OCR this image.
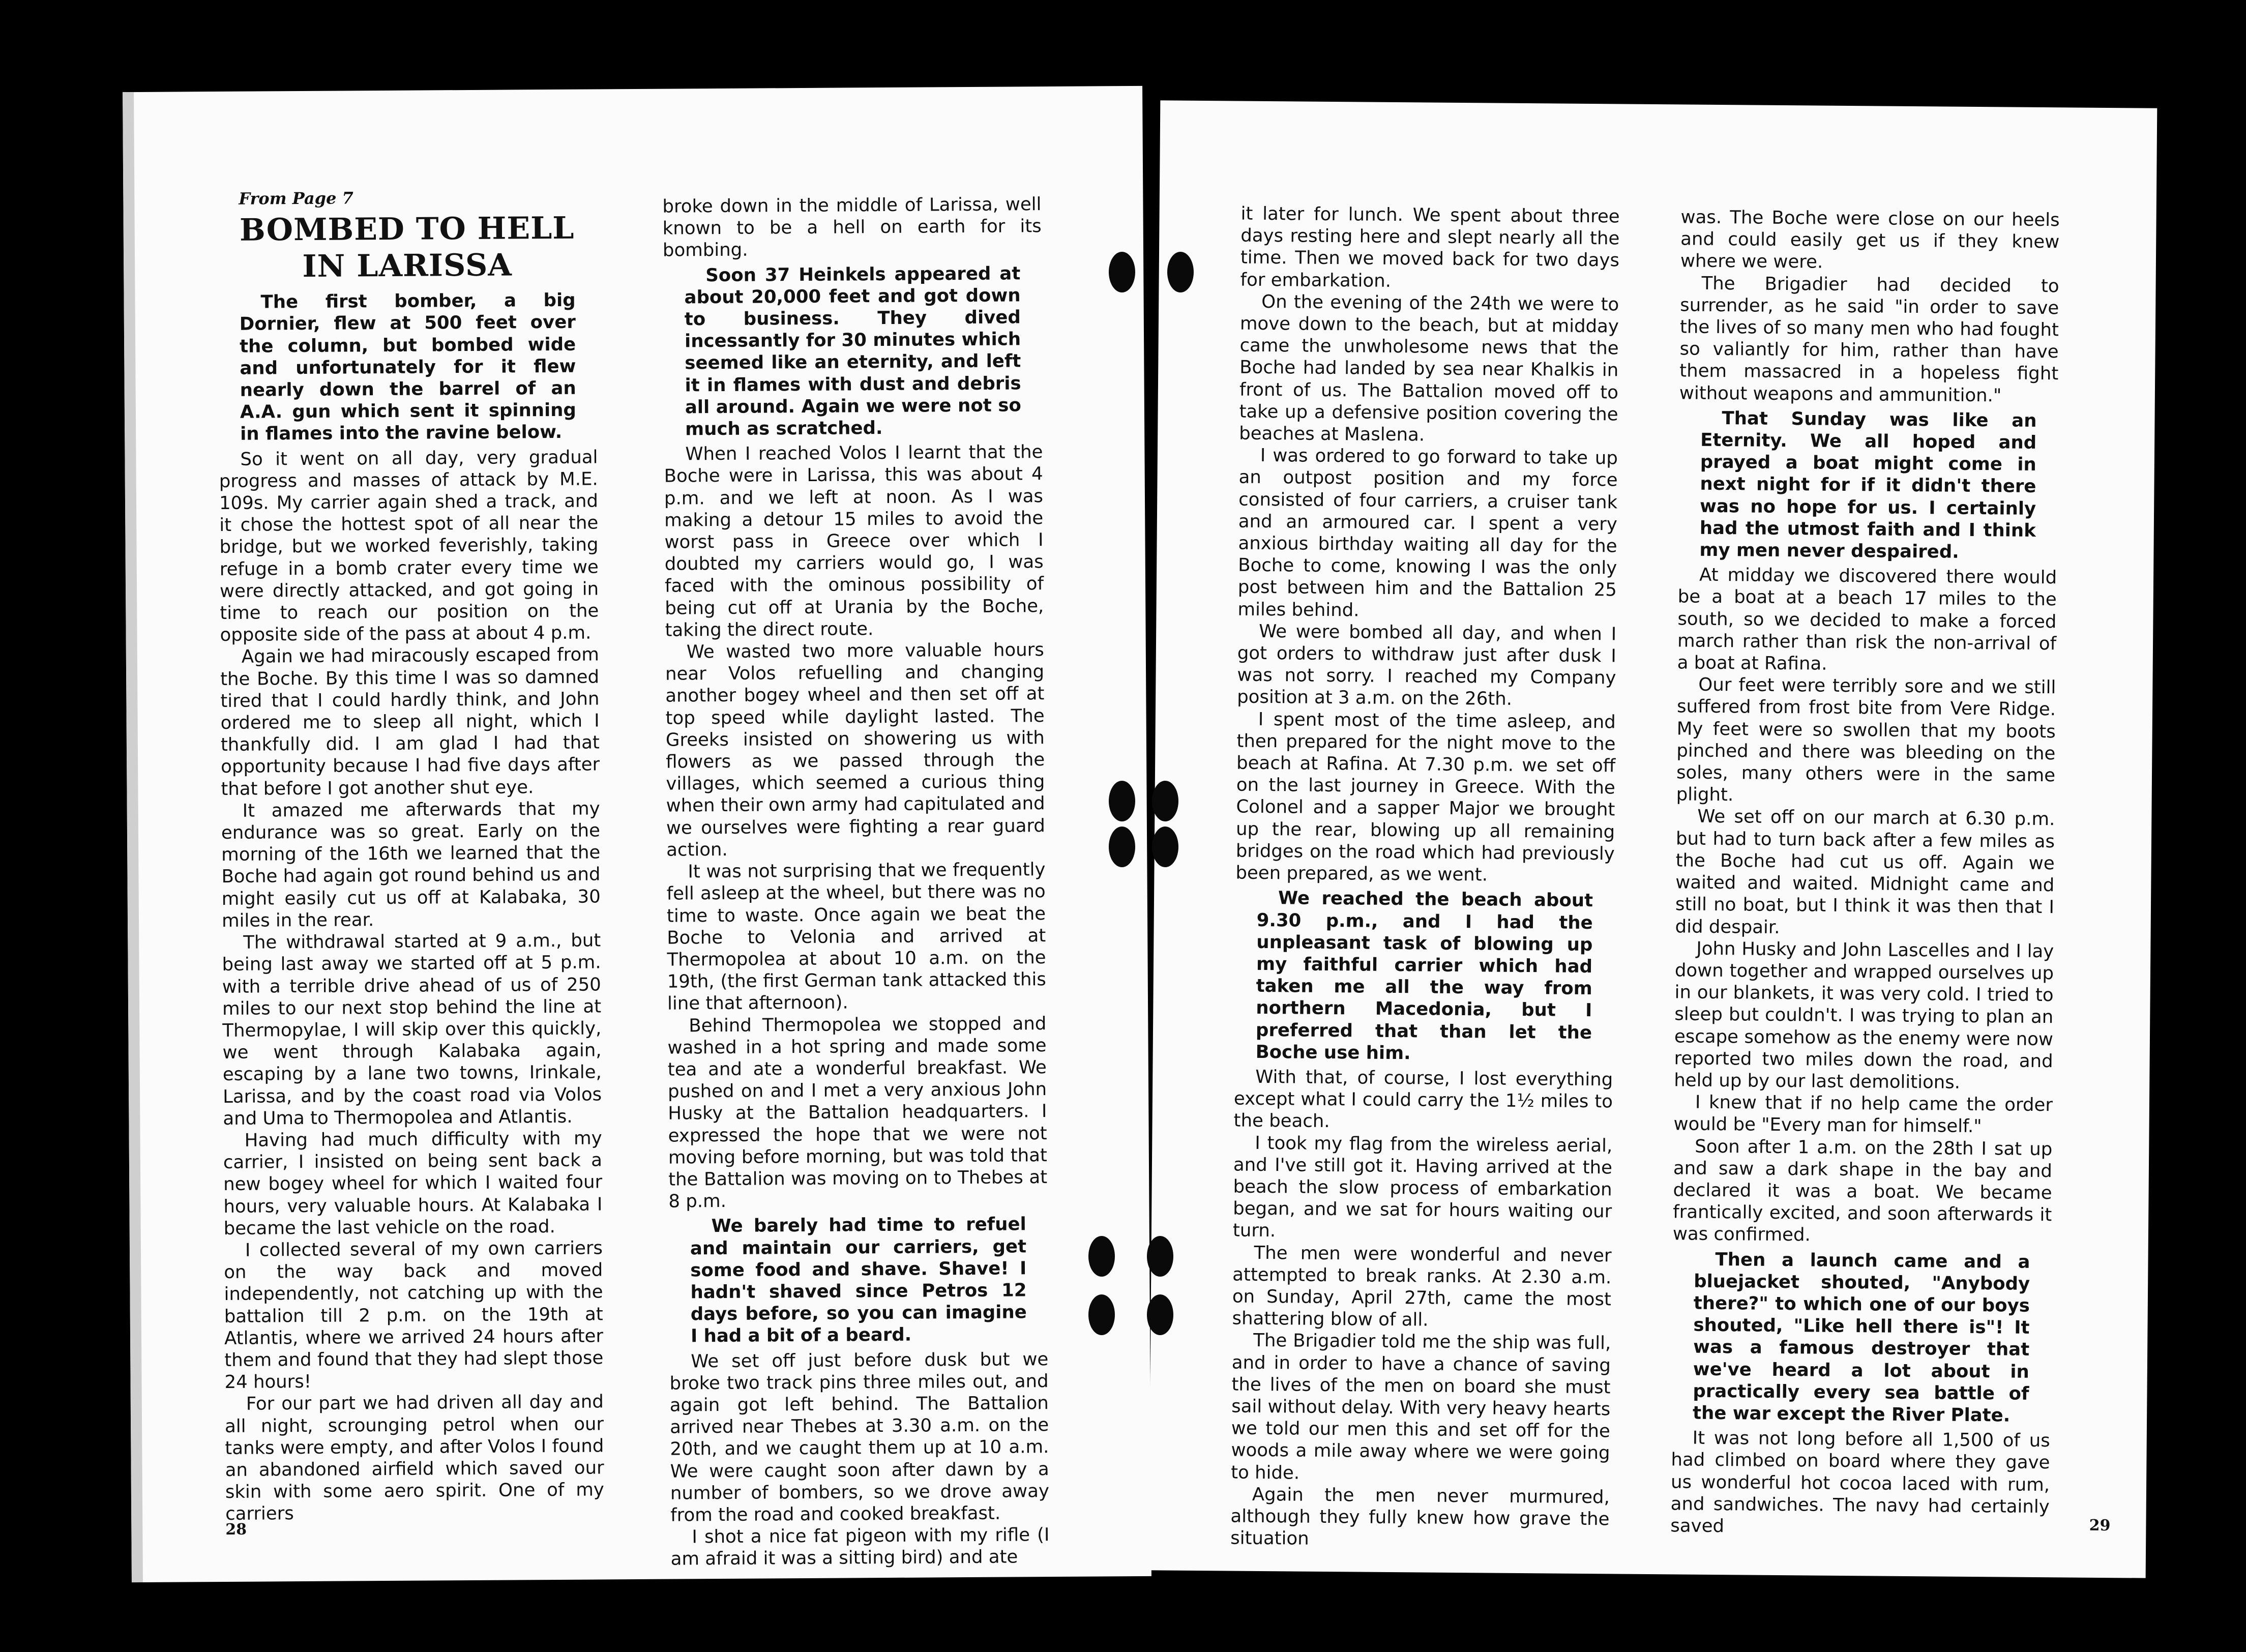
From Page 7

BOMBED TO HELL IN LARISSA

The first bomber, a big Dornier, flew at 500 feet over the column, but bombed wide and unfortunately for it flew nearly down the barrel of an A.A. gun which sent it spinning in flames into the ravine below.

So it went on all day, very gradual progress and masses of attack by M.E. 109s. My carrier again shed a track, and it chose the hottest spot of all near the bridge, but we worked feverishly, taking refuge in a bomb crater every time we were directly attacked, and got going in time to reach our position on the opposite side of the pass at about 4 p.m.

Again we had miracously escaped from the Boche. By this time I was so damned tired that I could hardly think, and John ordered me to sleep all night, which I thankfully did. I am glad I had that opportunity because I had five days after that before I got another shut eye.

It amazed me afterwards that my endurance was so great. Early on the morning of the 16th we learned that the Boche had again got round behind us and might easily cut us off at Kalabaka, 30 miles in the rear.

The withdrawal started at 9 a.m., but being last away we started off at 5 p.m. with a terrible drive ahead of us of 250 miles to our next stop behind the line at Thermopylae, I will skip over this quickly, we went through Kalabaka again, escaping by a lane two towns, Irinkale, Larissa, and by the coast road via Volos and Uma to Thermopolea and Atlantis.

Having had much difficulty with my carrier, I insisted on being sent back a new bogey wheel for which I waited four hours, very valuable hours. At Kalabaka I became the last vehicle on the road.

I collected several of my own carriers on the way back and moved independently, not catching up with the battalion till 2 p.m. on the 19th at Atlantis, where we arrived 24 hours after them and found that they had slept those 24 hours!

For our part we had driven all day and all night, scrounging petrol when our tanks were empty, and after Volos I found an abandoned airfield which saved our skin with some aero spirit. One of my carriers

broke down in the middle of Larissa, well known to be a hell on earth for its bombing.

Soon 37 Heinkels appeared at about 20,000 feet and got down to business. They dived incessantly for 30 minutes which seemed like an eternity, and left it in flames with dust and debris all around. Again we were not so much as scratched.

When I reached Volos I learnt that the Boche were in Larissa, this was about 4 p.m. and we left at noon. As I was making a detour 15 miles to avoid the worst pass in Greece over which I doubted my carriers would go, I was faced with the ominous possibility of being cut off at Urania by the Boche, taking the direct route.

We wasted two more valuable hours near Volos refuelling and changing another bogey wheel and then set off at top speed while daylight lasted. The Greeks insisted on showering us with flowers as we passed through the villages, which seemed a curious thing when their own army had capitulated and we ourselves were fighting a rear guard action.

It was not surprising that we frequently fell asleep at the wheel, but there was no time to waste. Once again we beat the Boche to Velonia and arrived at Thermopolea at about 10 a.m. on the 19th, (the first German tank attacked this line that afternoon).

Behind Thermopolea we stopped and washed in a hot spring and made some tea and ate a wonderful breakfast. We pushed on and I met a very anxious John Husky at the Battalion headquarters. I expressed the hope that we were not moving before morning, but was told that the Battalion was moving on to Thebes at 8 p.m.

We barely had time to refuel and maintain our carriers, get some food and shave. Shave! I hadn't shaved since Petros 12 days before, so you can imagine I had a bit of a beard.

We set off just before dusk but we broke two track pins three miles out, and again got left behind. The Battalion arrived near Thebes at 3.30 a.m. on the 20th, and we caught them up at 10 a.m. We were caught soon after dawn by a number of bombers, so we drove away from the road and cooked breakfast.

I shot a nice fat pigeon with my rifle (I am afraid it was a sitting bird) and ate

28

it later for lunch. We spent about three days resting here and slept nearly all the time. Then we moved back for two days for embarkation.

On the evening of the 24th we were to move down to the beach, but at midday came the unwholesome news that the Boche had landed by sea near Khalkis in front of us. The Battalion moved off to take up a defensive position covering the beaches at Maslena.

I was ordered to go forward to take up an outpost position and my force consisted of four carriers, a cruiser tank and an armoured car. I spent a very anxious birthday waiting all day for the Boche to come, knowing I was the only post between him and the Battalion 25 miles behind.

We were bombed all day, and when I got orders to withdraw just after dusk I was not sorry. I reached my Company position at 3 a.m. on the 26th.

I spent most of the time asleep, and then prepared for the night move to the beach at Rafina. At 7.30 p.m. we set off on the last journey in Greece. With the Colonel and a sapper Major we brought up the rear, blowing up all remaining bridges on the road which had previously been prepared, as we went.

We reached the beach about 9.30 p.m., and I had the unpleasant task of blowing up my faithful carrier which had taken me all the way from northern Macedonia, but I preferred that than let the Boche use him.

With that, of course, I lost everything except what I could carry the 1½ miles to the beach.

I took my flag from the wireless aerial, and I've still got it. Having arrived at the beach the slow process of embarkation began, and we sat for hours waiting our turn.

The men were wonderful and never attempted to break ranks. At 2.30 a.m. on Sunday, April 27th, came the most shattering blow of all.

The Brigadier told me the ship was full, and in order to have a chance of saving the lives of the men on board she must sail without delay. With very heavy hearts we told our men this and set off for the woods a mile away where we were going to hide.

Again the men never murmured, although they fully knew how grave the situation

was. The Boche were close on our heels and could easily get us if they knew where we were.

The Brigadier had decided to surrender, as he said "in order to save the lives of so many men who had fought so valiantly for him, rather than have them massacred in a hopeless fight without weapons and ammunition."

That Sunday was like an Eternity. We all hoped and prayed a boat might come in next night for if it didn't there was no hope for us. I certainly had the utmost faith and I think my men never despaired.

At midday we discovered there would be a boat at a beach 17 miles to the south, so we decided to make a forced march rather than risk the non-arrival of a boat at Rafina.

Our feet were terribly sore and we still suffered from frost bite from Vere Ridge. My feet were so swollen that my boots pinched and there was bleeding on the soles, many others were in the same plight.

We set off on our march at 6.30 p.m. but had to turn back after a few miles as the Boche had cut us off. Again we waited and waited. Midnight came and still no boat, but I think it was then that I did despair.

John Husky and John Lascelles and I lay down together and wrapped ourselves up in our blankets, it was very cold. I tried to sleep but couldn't. I was trying to plan an escape somehow as the enemy were now reported two miles down the road, and held up by our last demolitions.

I knew that if no help came the order would be "Every man for himself."

Soon after 1 a.m. on the 28th I sat up and saw a dark shape in the bay and declared it was a boat. We became frantically excited, and soon afterwards it was confirmed.

Then a launch came and a bluejacket shouted, "Anybody there?" to which one of our boys shouted, "Like hell there is"! It was a famous destroyer that we've heard a lot about in practically every sea battle of the war except the River Plate.

It was not long before all 1,500 of us had climbed on board where they gave us wonderful hot cocoa laced with rum, and sandwiches. The navy had certainly saved	29
